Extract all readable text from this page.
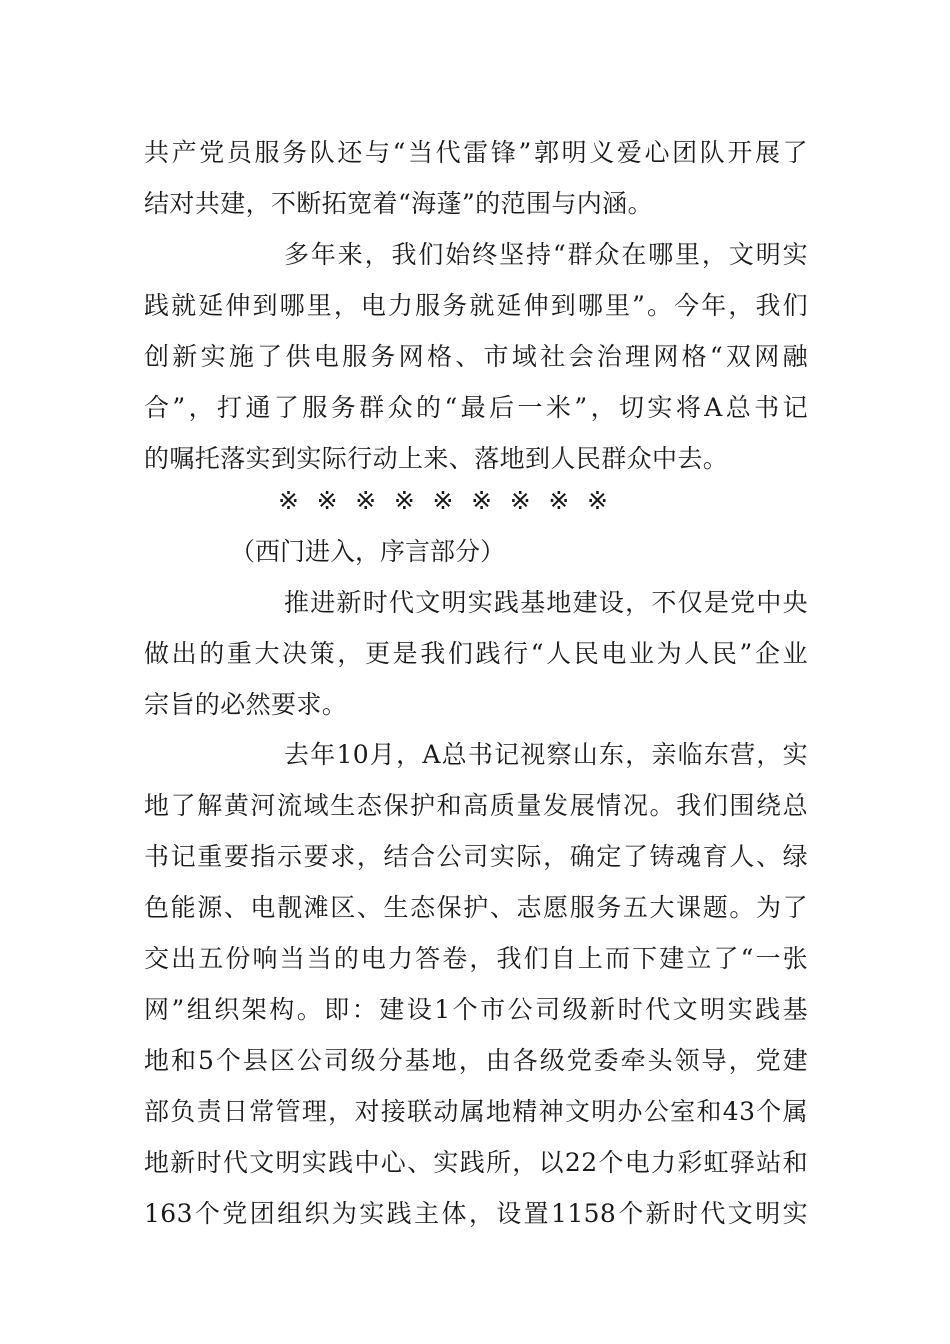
共产党员服务队还与“当代雷锋”郭明义爱心团队开展了
结对共建，不断拓宽着“海蓬”的范围与内涵。
多年来，我们始终坚持“群众在哪里，文明实
践就延伸到哪里，电力服务就延伸到哪里”。今年，我们
创新实施了供电服务网格、市域社会治理网格“双网融
合”，打通了服务群众的“最后一米”，切实将A总书记
的嘱托落实到实际行动上来、落地到人民群众中去。
※ ※ ※ ※ ※ ※ ※ ※ ※
（西门进入，序言部分）
推进新时代文明实践基地建设，不仅是党中央
做出的重大决策，更是我们践行“人民电业为人民”企业
宗旨的必然要求。
去年10月，A总书记视察山东，亲临东营，实
地了解黄河流域生态保护和高质量发展情况。我们围绕总
书记重要指示要求，结合公司实际，确定了铸魂育人、绿
色能源、电靓滩区、生态保护、志愿服务五大课题。为了
交出五份响当当的电力答卷，我们自上而下建立了“一张
网”组织架构。即：建设1个市公司级新时代文明实践基
地和5个县区公司级分基地，由各级党委牵头领导，党建
部负责日常管理，对接联动属地精神文明办公室和43个属
地新时代文明实践中心、实践所，以22个电力彩虹驿站和
163个党团组织为实践主体，设置1158个新时代文明实
